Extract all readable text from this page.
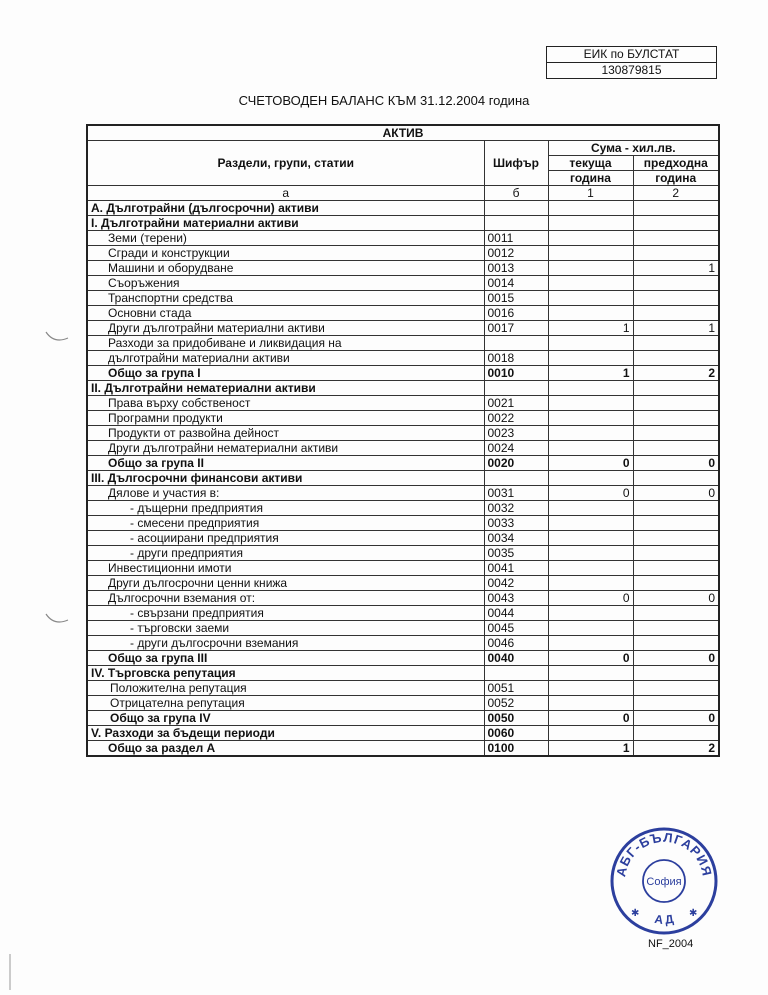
ЕИК по БУЛСТАТ
130879815
СЧЕТОВОДЕН БАЛАНС КЪМ 31.12.2004 година
АКТИВ			
Раздели, групи, статии	Шифър	Сума - хил.лв.	
		текуща	предходна
		година	година
а	б	1	2
А. Дълготрайни (дългосрочни) активи			
I. Дълготрайни материални активи			
Земи (терени)	0011		
Сгради и конструкции	0012		
Машини и оборудване	0013		1
Съоръжения	0014		
Транспортни средства	0015		
Основни стада	0016		
Други дълготрайни материални активи	0017	1	1
Разходи за придобиване и ликвидация на			
дълготрайни материални активи	0018		
Общо за група I	0010	1	2
II. Дълготрайни нематериални активи			
Права върху собственост	0021		
Програмни продукти	0022		
Продукти от развойна дейност	0023		
Други дълготрайни нематериални активи	0024		
Общо за група II	0020	0	0
III. Дългосрочни финансови активи			
Дялове и участия в:	0031	0	0
- дъщерни предприятия	0032		
- смесени предприятия	0033		
- асоциирани предприятия	0034		
- други предприятия	0035		
Инвестиционни имоти	0041		
Други дългосрочни ценни книжа	0042		
Дългосрочни вземания от:	0043	0	0
- свързани предприятия	0044		
- търговски заеми	0045		
- други дългосрочни вземания	0046		
Общо за група III	0040	0	0
IV. Търговска репутация			
Положителна репутация	0051		
Отрицателна репутация	0052		
Общо за група IV	0050	0	0
V. Разходи за бъдещи периоди	0060		
Общо за раздел А	0100	1	2
АБГ-БЪЛГАРИЯ
София
АД
✱	✱
NF_2004
